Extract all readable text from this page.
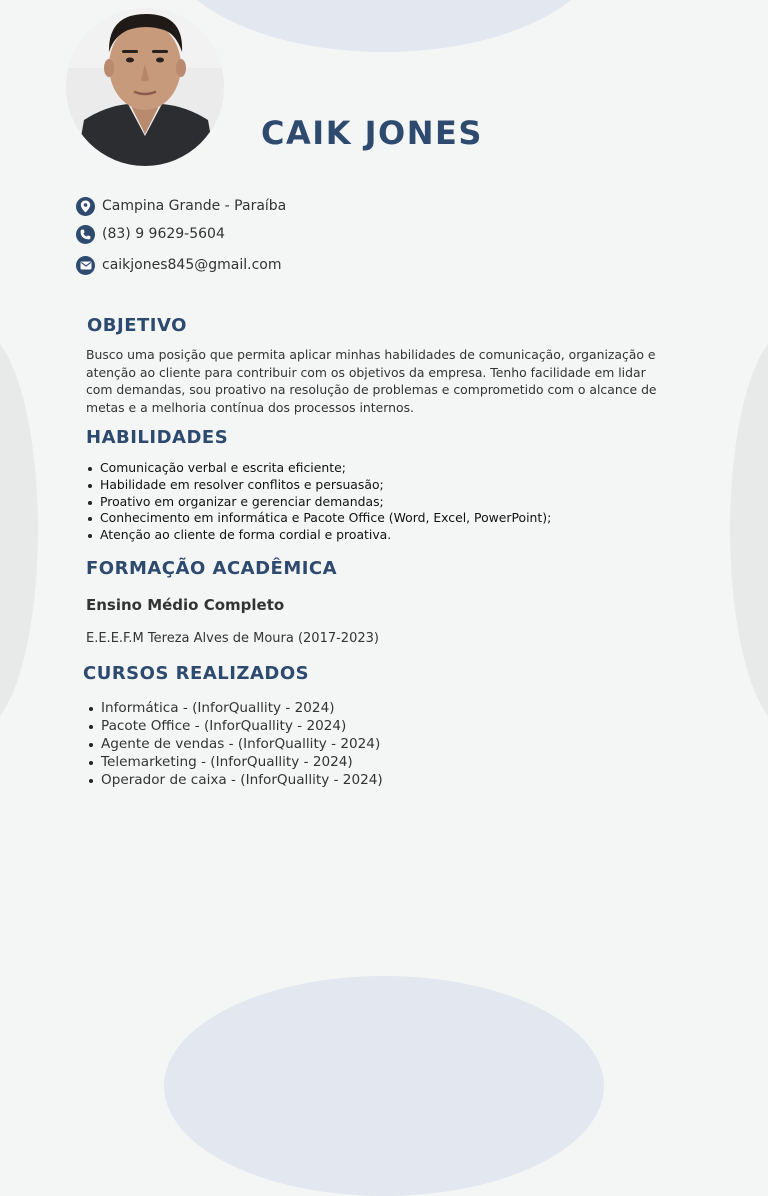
CAIK JONES
Campina Grande - Paraíba
(83) 9 9629-5604
caikjones845@gmail.com
OBJETIVO

Busco uma posição que permita aplicar minhas habilidades de comunicação, organização e atenção ao cliente para contribuir com os objetivos da empresa. Tenho facilidade em lidar com demandas, sou proativo na resolução de problemas e comprometido com o alcance de metas e a melhoria contínua dos processos internos.

HABILIDADES
Comunicação verbal e escrita eficiente;
Habilidade em resolver conflitos e persuasão;
Proativo em organizar e gerenciar demandas;
Conhecimento em informática e Pacote Office (Word, Excel, PowerPoint);
Atenção ao cliente de forma cordial e proativa.
FORMAÇÃO ACADÊMICA

Ensino Médio Completo

E.E.E.F.M Tereza Alves de Moura (2017-2023)

CURSOS REALIZADOS
Informática - (InforQuallity - 2024)
Pacote Office - (InforQuallity - 2024)
Agente de vendas - (InforQuallity - 2024)
Telemarketing - (InforQuallity - 2024)
Operador de caixa - (InforQuallity - 2024)
